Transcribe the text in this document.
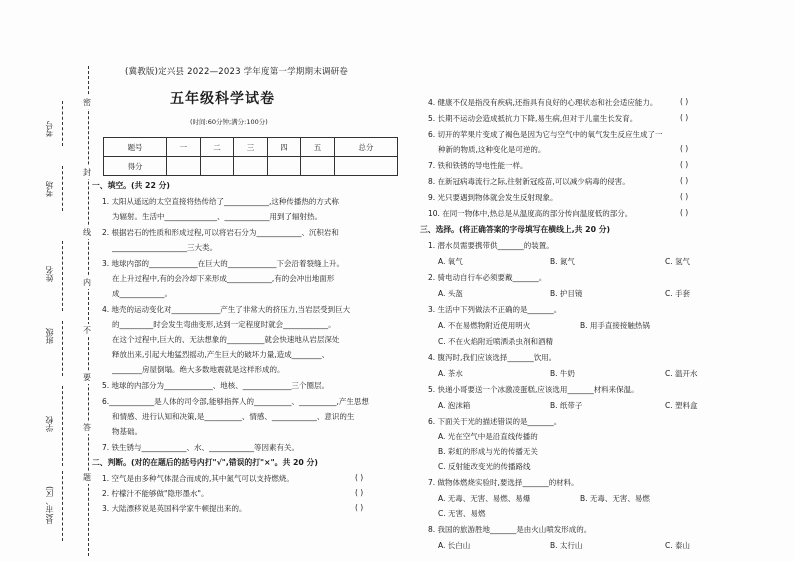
考号
考场
姓名
班级
学校
县(市、区)
密
封
线
内
不
要
答
题
(冀教版)定兴县 2022—2023 学年度第一学期期末调研卷
五年级科学试卷
(时间:60分钟;满分:100分)
题号	一	二	三	四	五	总分
得分						
一、填空。(共 22 分)
1. 太阳从遥远的太空直接将热传给了____________,这种传播热的方式称
为辐射。生活中______________、____________用到了辐射热。
2. 根据岩石的性质和形成过程,可以将岩石分为____________、沉积岩和
____________________三大类。
3. 地球内部的_____________在巨大的_____________下会沿着裂缝上升。
在上升过程中,有的会冷却下来形成____________,有的会冲出地面形
成____________。
4. 地壳的运动变化对_____________产生了非常大的挤压力,当岩层受到巨大
的_________时会发生弯曲变形,达到一定程度时就会____________。
在这个过程中,巨大的、无法想象的__________就会快速地从岩层深处
释放出来,引起大地猛烈摇动,产生巨大的破坏力量,造成________、
________房屋倒塌。绝大多数地震就是这样形成的。
5. 地球的内部分为_____________、地核、_____________三个圈层。
6.____________是人体的司令部,能够指挥人的__________、__________,产生思想
和情感、进行认知和决策,是__________、情感、____________、意识的生
物基础。
7. 铁生锈与____________、水、____________等因素有关。
二、判断。(对的在题后的括号内打"√",错误的打"×"。共 20 分)
1. 空气是由多种气体混合而成的,其中氮气可以支持燃烧。	( )
2. 柠檬汁不能够做"隐形墨水"。	( )
3. 大陆漂移说是英国科学家牛顿提出来的。	( )
4. 健康不仅是指没有疾病,还指具有良好的心理状态和社会适应能力。	( )
5. 长期不运动会造成抵抗力下降,易生病,但对于儿童生长发育。	( )
6. 切开的苹果片变成了褐色是因为它与空气中的氧气发生反应生成了一
种新的物质,这种变化是可逆的。	( )
7. 铁和铁锈的导电性能一样。	( )
8. 在新冠病毒流行之际,往射新冠疫苗,可以减少病毒的侵害。	( )
9. 光只要遇到物体就会发生反射现象。	( )
10. 在同一物体中,热总是从温度高的部分传向温度低的部分。	( )
三、选择。(将正确答案的字母填写在横线上,共 20 分)
1. 潜水员需要携带供_______的装置。
A. 氧气	B. 氮气	C. 氢气
2. 骑电动自行车必须要戴_______。
A. 头盔	B. 护目镜	C. 手套
3. 生活中下列做法不正确的是_______。
A. 不在易燃物附近使用明火	B. 用手直接接触热锅
C. 不在火焰附近喷洒杀虫剂和酒精
4. 腹泻时,我们应该选择_______饮用。
A. 茶水	B. 牛奶	C. 温开水
5. 快递小哥要送一个冰激凌蛋糕,应该选用_______材料来保温。
A. 泡沫箱	B. 纸带子	C. 塑料盒
6. 下面关于光的描述错误的是_______。
A. 光在空气中是沿直线传播的
B. 彩虹的形成与光的传播无关
C. 反射能改变光的传播路线
7. 做物体燃烧实验时,要选择_______的材料。
A. 无毒、无害、易燃、易爆	B. 无毒、无害、易燃
C. 无害、易燃
8. 我国的旅游胜地_______是由火山喷发形成的。
A. 长白山	B. 太行山	C. 泰山
